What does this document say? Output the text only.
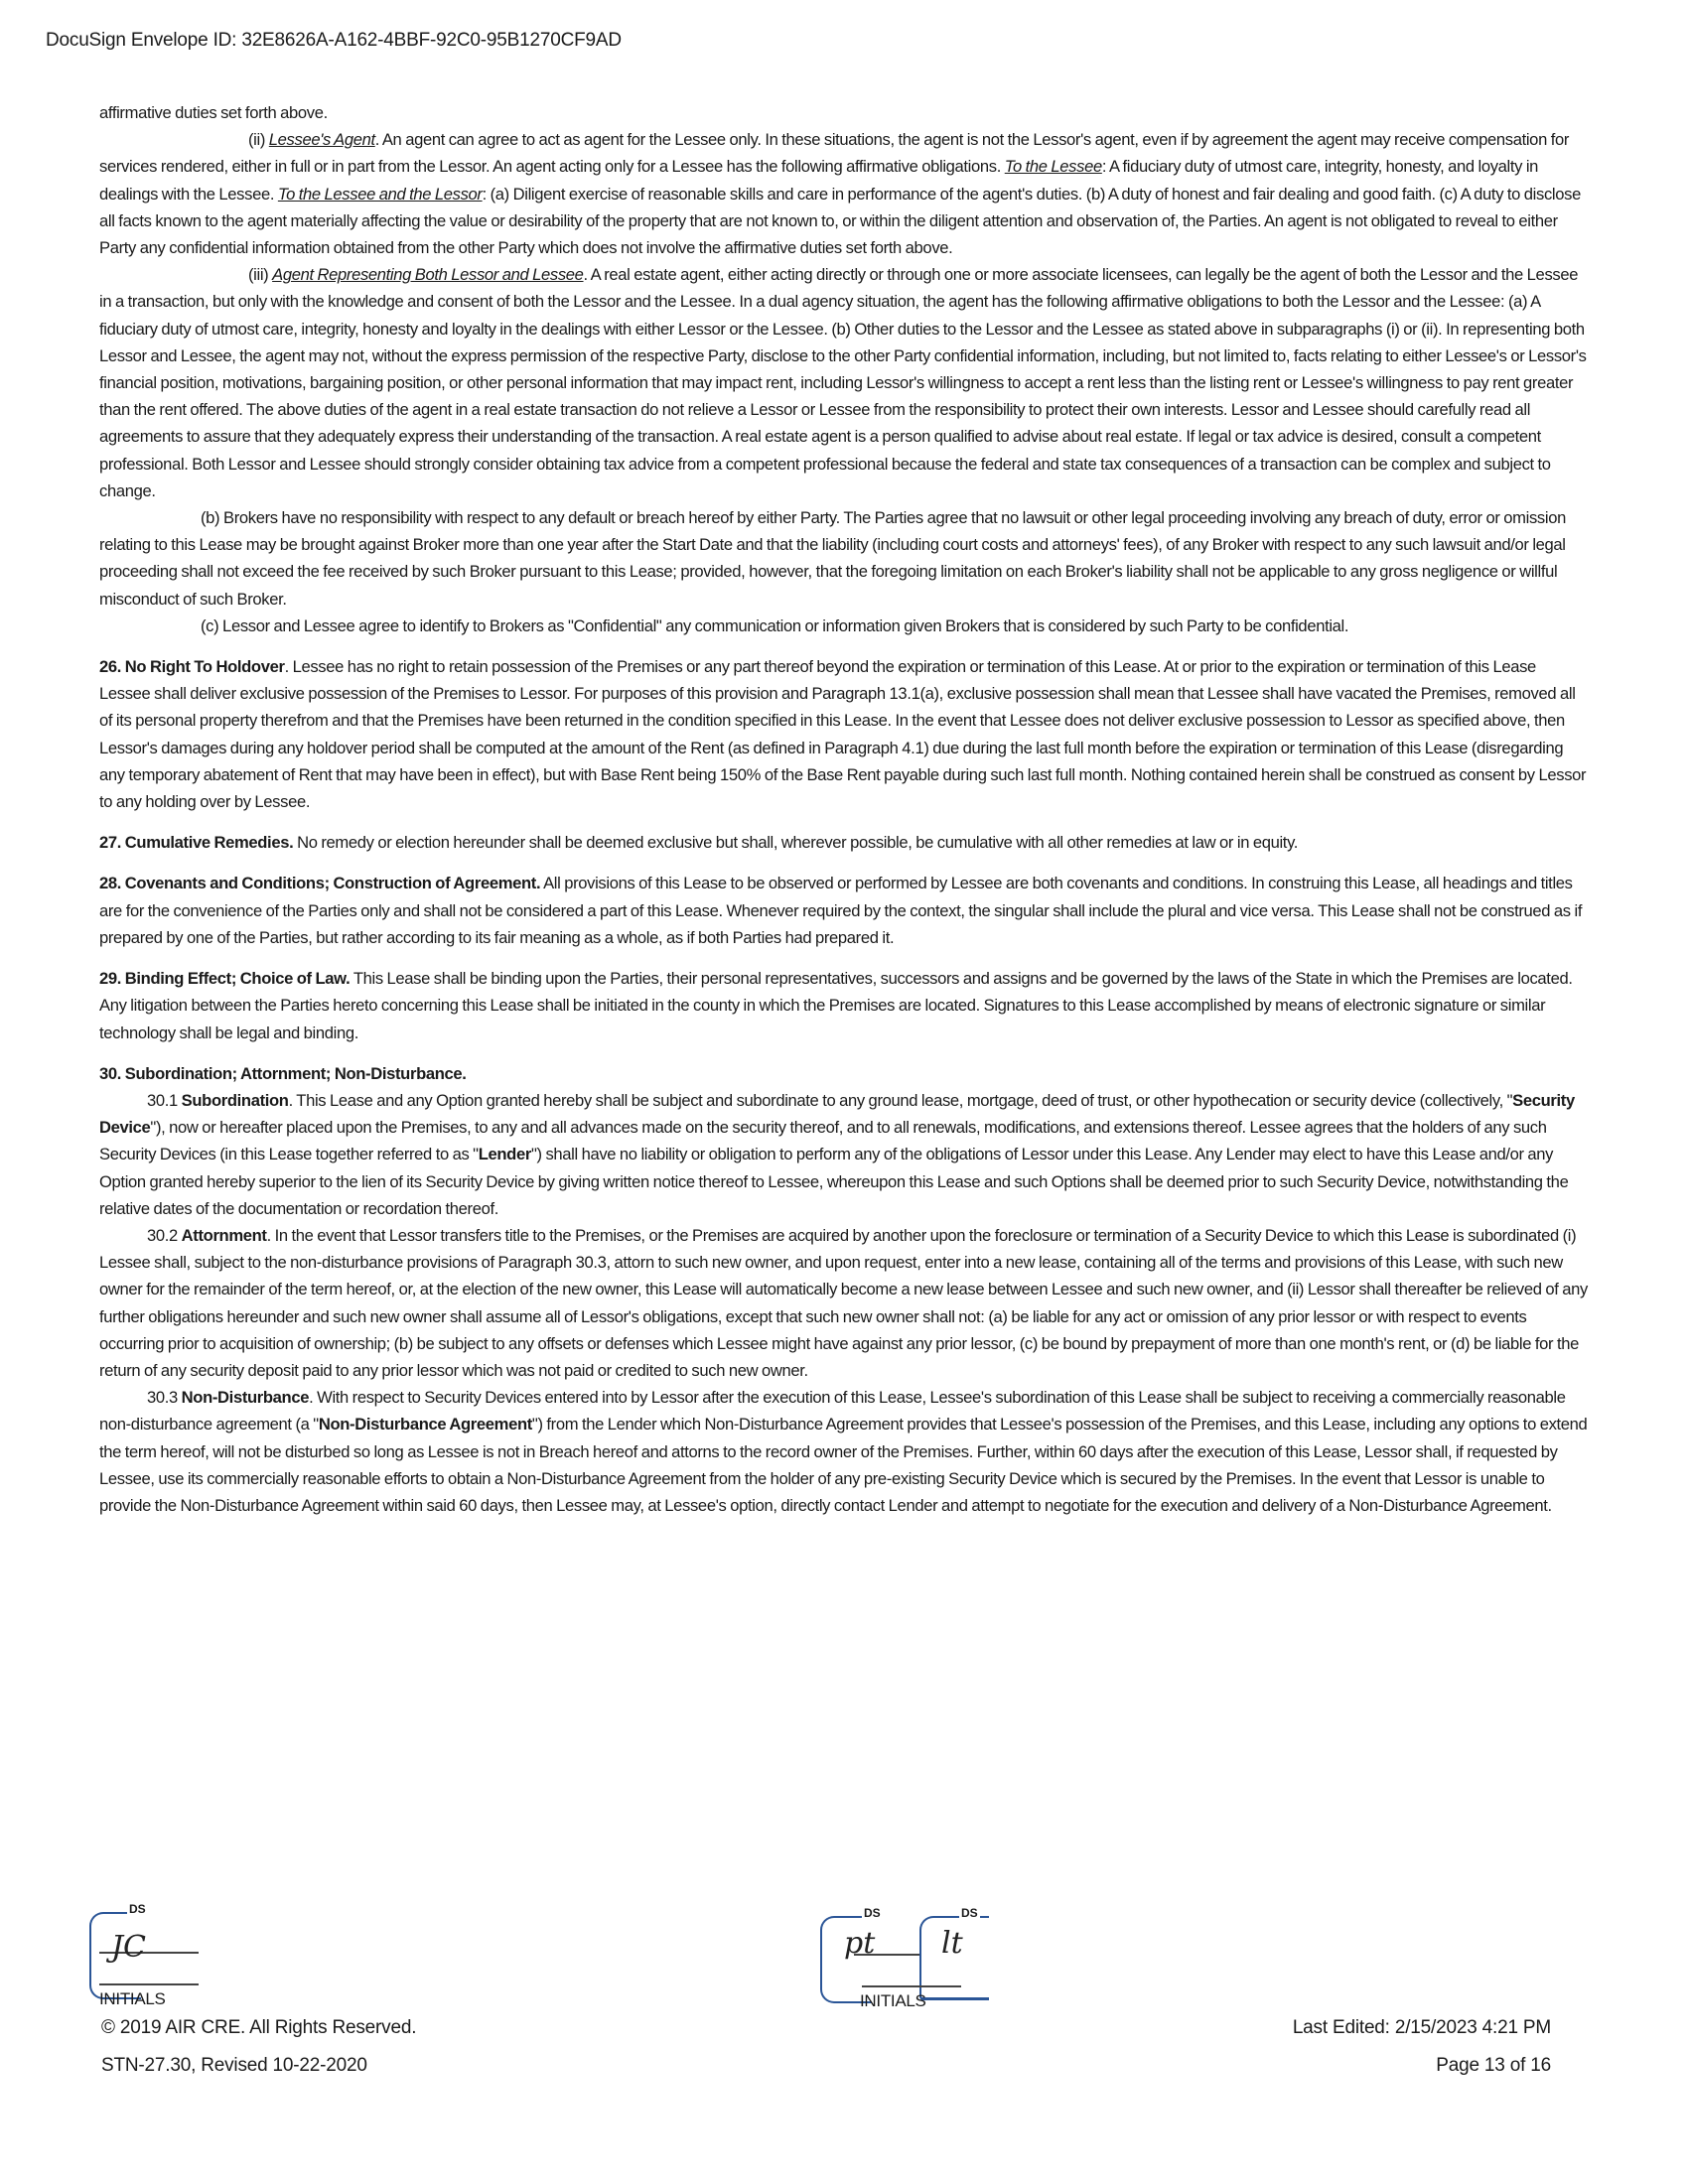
DocuSign Envelope ID: 32E8626A-A162-4BBF-92C0-95B1270CF9AD

affirmative duties set forth above.

(ii) Lessee's Agent. An agent can agree to act as agent for the Lessee only. In these situations, the agent is not the Lessor's agent, even if by agreement the agent may receive compensation for services rendered, either in full or in part from the Lessor. An agent acting only for a Lessee has the following affirmative obligations. To the Lessee: A fiduciary duty of utmost care, integrity, honesty, and loyalty in dealings with the Lessee. To the Lessee and the Lessor: (a) Diligent exercise of reasonable skills and care in performance of the agent's duties. (b) A duty of honest and fair dealing and good faith. (c) A duty to disclose all facts known to the agent materially affecting the value or desirability of the property that are not known to, or within the diligent attention and observation of, the Parties. An agent is not obligated to reveal to either Party any confidential information obtained from the other Party which does not involve the affirmative duties set forth above.

(iii) Agent Representing Both Lessor and Lessee. A real estate agent, either acting directly or through one or more associate licensees, can legally be the agent of both the Lessor and the Lessee in a transaction, but only with the knowledge and consent of both the Lessor and the Lessee. In a dual agency situation, the agent has the following affirmative obligations to both the Lessor and the Lessee: (a) A fiduciary duty of utmost care, integrity, honesty and loyalty in the dealings with either Lessor or the Lessee. (b) Other duties to the Lessor and the Lessee as stated above in subparagraphs (i) or (ii). In representing both Lessor and Lessee, the agent may not, without the express permission of the respective Party, disclose to the other Party confidential information, including, but not limited to, facts relating to either Lessee's or Lessor's financial position, motivations, bargaining position, or other personal information that may impact rent, including Lessor's willingness to accept a rent less than the listing rent or Lessee's willingness to pay rent greater than the rent offered. The above duties of the agent in a real estate transaction do not relieve a Lessor or Lessee from the responsibility to protect their own interests. Lessor and Lessee should carefully read all agreements to assure that they adequately express their understanding of the transaction. A real estate agent is a person qualified to advise about real estate. If legal or tax advice is desired, consult a competent professional. Both Lessor and Lessee should strongly consider obtaining tax advice from a competent professional because the federal and state tax consequences of a transaction can be complex and subject to change.

(b) Brokers have no responsibility with respect to any default or breach hereof by either Party. The Parties agree that no lawsuit or other legal proceeding involving any breach of duty, error or omission relating to this Lease may be brought against Broker more than one year after the Start Date and that the liability (including court costs and attorneys' fees), of any Broker with respect to any such lawsuit and/or legal proceeding shall not exceed the fee received by such Broker pursuant to this Lease; provided, however, that the foregoing limitation on each Broker's liability shall not be applicable to any gross negligence or willful misconduct of such Broker.

(c) Lessor and Lessee agree to identify to Brokers as "Confidential" any communication or information given Brokers that is considered by such Party to be confidential.

26. No Right To Holdover. Lessee has no right to retain possession of the Premises or any part thereof beyond the expiration or termination of this Lease. At or prior to the expiration or termination of this Lease Lessee shall deliver exclusive possession of the Premises to Lessor. For purposes of this provision and Paragraph 13.1(a), exclusive possession shall mean that Lessee shall have vacated the Premises, removed all of its personal property therefrom and that the Premises have been returned in the condition specified in this Lease. In the event that Lessee does not deliver exclusive possession to Lessor as specified above, then Lessor's damages during any holdover period shall be computed at the amount of the Rent (as defined in Paragraph 4.1) due during the last full month before the expiration or termination of this Lease (disregarding any temporary abatement of Rent that may have been in effect), but with Base Rent being 150% of the Base Rent payable during such last full month. Nothing contained herein shall be construed as consent by Lessor to any holding over by Lessee.

27. Cumulative Remedies. No remedy or election hereunder shall be deemed exclusive but shall, wherever possible, be cumulative with all other remedies at law or in equity.

28. Covenants and Conditions; Construction of Agreement. All provisions of this Lease to be observed or performed by Lessee are both covenants and conditions. In construing this Lease, all headings and titles are for the convenience of the Parties only and shall not be considered a part of this Lease. Whenever required by the context, the singular shall include the plural and vice versa. This Lease shall not be construed as if prepared by one of the Parties, but rather according to its fair meaning as a whole, as if both Parties had prepared it.

29. Binding Effect; Choice of Law. This Lease shall be binding upon the Parties, their personal representatives, successors and assigns and be governed by the laws of the State in which the Premises are located. Any litigation between the Parties hereto concerning this Lease shall be initiated in the county in which the Premises are located. Signatures to this Lease accomplished by means of electronic signature or similar technology shall be legal and binding.

30. Subordination; Attornment; Non-Disturbance.

30.1 Subordination. This Lease and any Option granted hereby shall be subject and subordinate to any ground lease, mortgage, deed of trust, or other hypothecation or security device (collectively, "Security Device"), now or hereafter placed upon the Premises, to any and all advances made on the security thereof, and to all renewals, modifications, and extensions thereof. Lessee agrees that the holders of any such Security Devices (in this Lease together referred to as "Lender") shall have no liability or obligation to perform any of the obligations of Lessor under this Lease. Any Lender may elect to have this Lease and/or any Option granted hereby superior to the lien of its Security Device by giving written notice thereof to Lessee, whereupon this Lease and such Options shall be deemed prior to such Security Device, notwithstanding the relative dates of the documentation or recordation thereof.

30.2 Attornment. In the event that Lessor transfers title to the Premises, or the Premises are acquired by another upon the foreclosure or termination of a Security Device to which this Lease is subordinated (i) Lessee shall, subject to the non-disturbance provisions of Paragraph 30.3, attorn to such new owner, and upon request, enter into a new lease, containing all of the terms and provisions of this Lease, with such new owner for the remainder of the term hereof, or, at the election of the new owner, this Lease will automatically become a new lease between Lessee and such new owner, and (ii) Lessor shall thereafter be relieved of any further obligations hereunder and such new owner shall assume all of Lessor's obligations, except that such new owner shall not: (a) be liable for any act or omission of any prior lessor or with respect to events occurring prior to acquisition of ownership; (b) be subject to any offsets or defenses which Lessee might have against any prior lessor, (c) be bound by prepayment of more than one month's rent, or (d) be liable for the return of any security deposit paid to any prior lessor which was not paid or credited to such new owner.

30.3 Non-Disturbance. With respect to Security Devices entered into by Lessor after the execution of this Lease, Lessee's subordination of this Lease shall be subject to receiving a commercially reasonable non-disturbance agreement (a "Non-Disturbance Agreement") from the Lender which Non-Disturbance Agreement provides that Lessee's possession of the Premises, and this Lease, including any options to extend the term hereof, will not be disturbed so long as Lessee is not in Breach hereof and attorns to the record owner of the Premises. Further, within 60 days after the execution of this Lease, Lessor shall, if requested by Lessee, use its commercially reasonable efforts to obtain a Non-Disturbance Agreement from the holder of any pre-existing Security Device which is secured by the Premises. In the event that Lessor is unable to provide the Non-Disturbance Agreement within said 60 days, then Lessee may, at Lessee's option, directly contact Lender and attempt to negotiate for the execution and delivery of a Non-Disturbance Agreement.

DS
JC
INITIALS
DS	DS
pt lt
INITIALS
© 2019 AIR CRE. All Rights Reserved.
STN-27.30, Revised 10-22-2020
Last Edited: 2/15/2023 4:21 PM
Page 13 of 16
